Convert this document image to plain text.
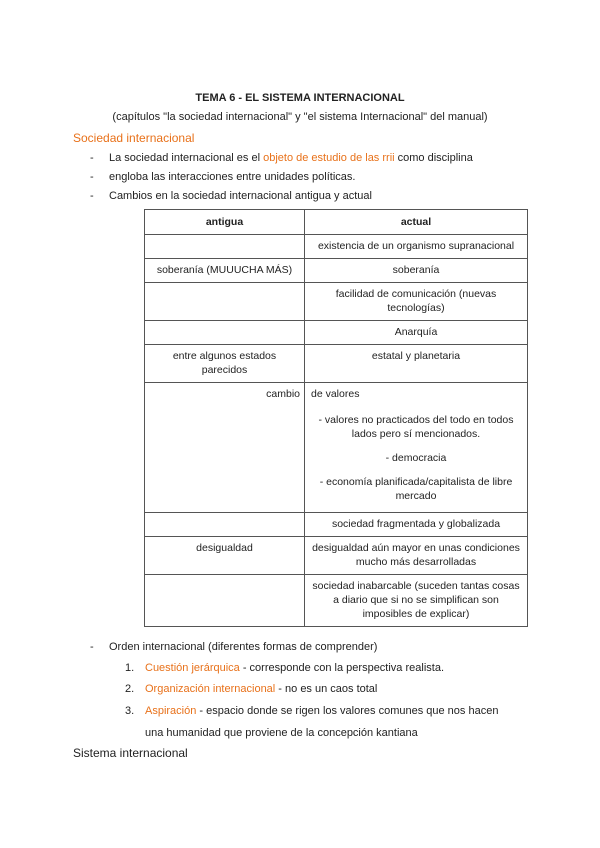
TEMA 6 - EL SISTEMA INTERNACIONAL
(capítulos "la sociedad internacional" y "el sistema Internacional" del manual)
Sociedad internacional
- La sociedad internacional es el objeto de estudio de las rrii como disciplina
- engloba las interacciones entre unidades políticas.
- Cambios en la sociedad internacional antigua y actual
antigua	actual
	existencia de un organismo supranacional
soberanía (MUUUCHA MÁS)	soberanía
	facilidad de comunicación (nuevas tecnologías)
	Anarquía
entre algunos estados parecidos	estatal y planetaria
cambio	de valores
- valores no practicados del todo en todos lados pero sí mencionados.
- democracia
- economía planificada/capitalista de libre mercado

	sociedad fragmentada y globalizada
desigualdad	desigualdad aún mayor en unas condiciones mucho más desarrolladas
	sociedad inabarcable (suceden tantas cosas a diario que si no se simplifican son imposibles de explicar)
- Orden internacional (diferentes formas de comprender)
1. Cuestión jerárquica - corresponde con la perspectiva realista.
2. Organización internacional - no es un caos total
3. Aspiración - espacio donde se rigen los valores comunes que nos hacen
una humanidad que proviene de la concepción kantiana
Sistema internacional
